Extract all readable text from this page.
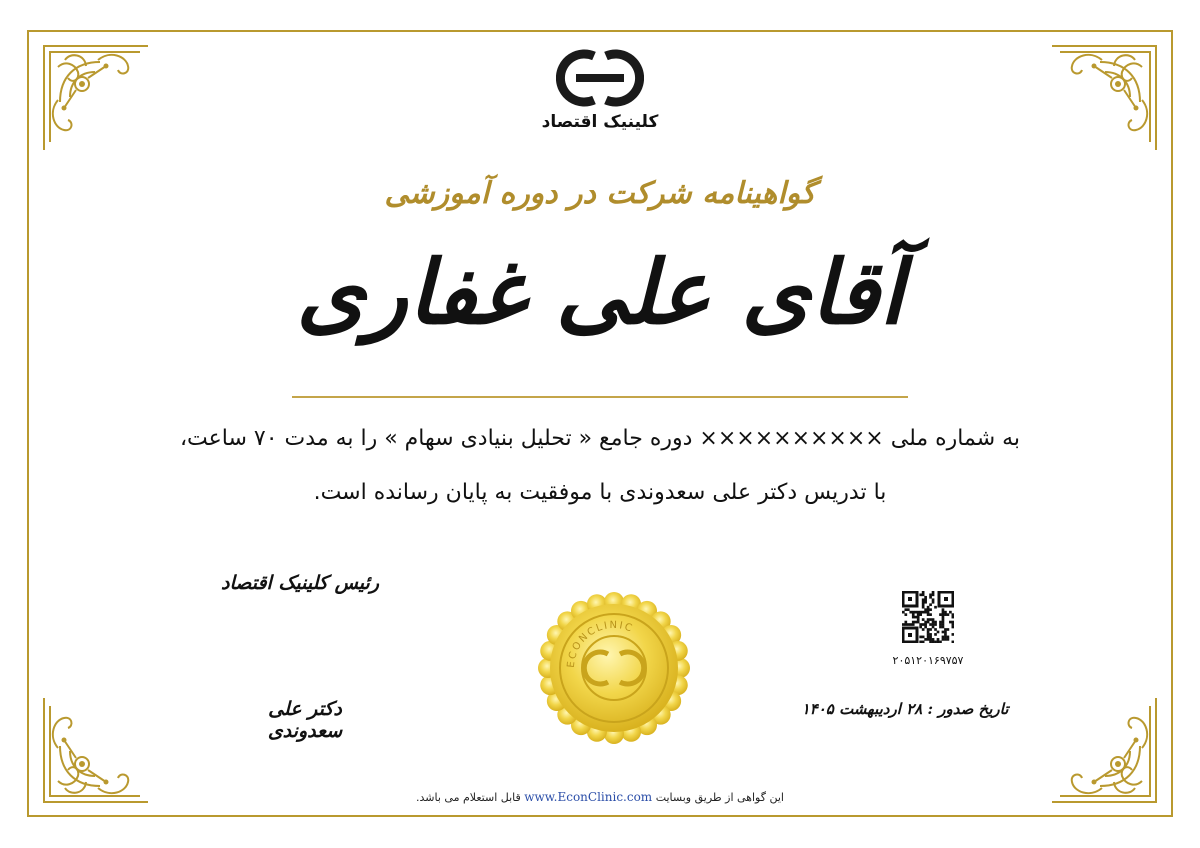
کلینیک اقتصاد
گواهینامه شرکت در دوره آموزشی
آقای علی غفاری
به شماره ملی ×××××××××× دوره جامع « تحلیل بنیادی سهام » را به مدت ۷۰ ساعت،
با تدریس دکتر علی سعدوندی با موفقیت به پایان رسانده است.
رئیس کلینیک اقتصاد
دکتر علی سعدوندی
ECONCLINIC
۲۰۵۱۲۰۱۶۹۷۵۷
تاریخ صدور : ۲۸ اردیبهشت ۱۴۰۵
این گواهی از طریق وبسایت www.EconClinic.com قابل استعلام می باشد.
